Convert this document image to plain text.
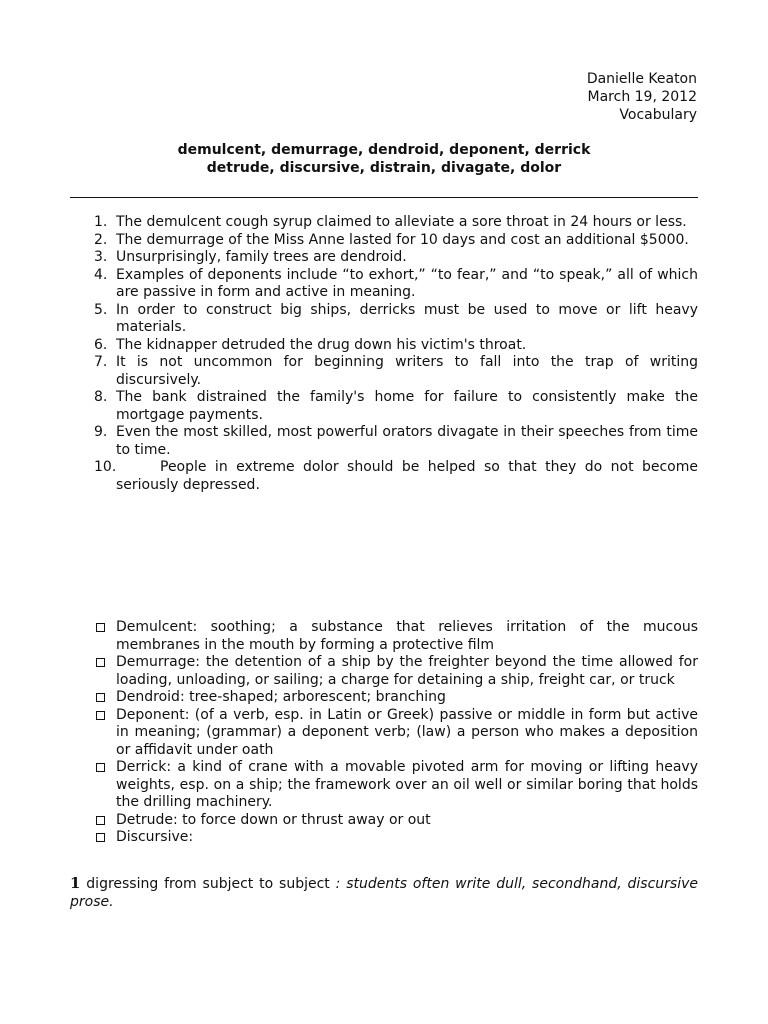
Danielle Keaton
March 19, 2012
Vocabulary
demulcent, demurrage, dendroid, deponent, derrick
detrude, discursive, distrain, divagate, dolor
1. The demulcent cough syrup claimed to alleviate a sore throat in 24 hours or less.
2. The demurrage of the Miss Anne lasted for 10 days and cost an additional $5000.
3. Unsurprisingly, family trees are dendroid.
4. Examples of deponents include “to exhort,” “to fear,” and “to speak,” all of which are passive in form and active in meaning.
5. In order to construct big ships, derricks must be used to move or lift heavy materials.
6. The kidnapper detruded the drug down his victim's throat.
7. It is not uncommon for beginning writers to fall into the trap of writing discursively.
8. The bank distrained the family's home for failure to consistently make the mortgage payments.
9. Even the most skilled, most powerful orators divagate in their speeches from time to time.
10.	People in extreme dolor should be helped so that they do not become seriously depressed.
Demulcent: soothing; a substance that relieves irritation of the mucous membranes in the mouth by forming a protective film
Demurrage: the detention of a ship by the freighter beyond the time allowed for loading, unloading, or sailing; a charge for detaining a ship, freight car, or truck
Dendroid: tree-shaped; arborescent; branching
Deponent: (of a verb, esp. in Latin or Greek) passive or middle in form but active in meaning; (grammar) a deponent verb; (law) a person who makes a deposition or affidavit under oath
Derrick: a kind of crane with a movable pivoted arm for moving or lifting heavy weights, esp. on a ship; the framework over an oil well or similar boring that holds the drilling machinery.
Detrude: to force down or thrust away or out
Discursive:
1 digressing from subject to subject : students often write dull, secondhand, discursive prose.
